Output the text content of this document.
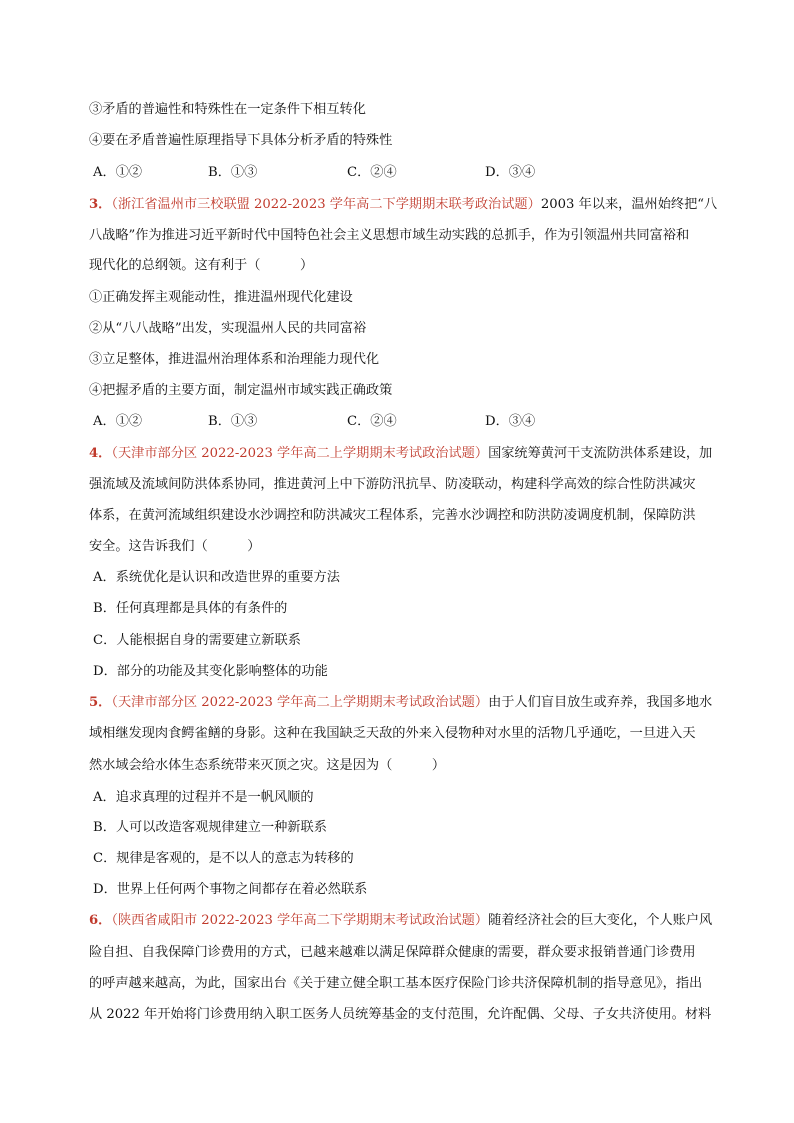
③矛盾的普遍性和特殊性在一定条件下相互转化
④要在矛盾普遍性原理指导下具体分析矛盾的特殊性
A．①②	B．①③	C．②④	D．③④
3．（浙江省温州市三校联盟 2022-2023 学年高二下学期期末联考政治试题）2003 年以来，温州始终把“八
八战略”作为推进习近平新时代中国特色社会主义思想市域生动实践的总抓手，作为引领温州共同富裕和
现代化的总纲领。这有利于（　　　）
①正确发挥主观能动性，推进温州现代化建设
②从“八八战略”出发，实现温州人民的共同富裕
③立足整体，推进温州治理体系和治理能力现代化
④把握矛盾的主要方面，制定温州市域实践正确政策
A．①②	B．①③	C．②④	D．③④
4．（天津市部分区 2022-2023 学年高二上学期期末考试政治试题）国家统筹黄河干支流防洪体系建设，加
强流域及流域间防洪体系协同，推进黄河上中下游防汛抗旱、防凌联动，构建科学高效的综合性防洪减灾
体系，在黄河流域组织建设水沙调控和防洪减灾工程体系，完善水沙调控和防洪防凌调度机制，保障防洪
安全。这告诉我们（　　　）
A．系统优化是认识和改造世界的重要方法
B．任何真理都是具体的有条件的
C．人能根据自身的需要建立新联系
D．部分的功能及其变化影响整体的功能
5．（天津市部分区 2022-2023 学年高二上学期期末考试政治试题）由于人们盲目放生或弃养，我国多地水
域相继发现肉食鳄雀鳝的身影。这种在我国缺乏天敌的外来入侵物种对水里的活物几乎通吃，一旦进入天
然水域会给水体生态系统带来灭顶之灾。这是因为（　　　）
A．追求真理的过程并不是一帆风顺的
B．人可以改造客观规律建立一种新联系
C．规律是客观的，是不以人的意志为转移的
D．世界上任何两个事物之间都存在着必然联系
6．（陕西省咸阳市 2022-2023 学年高二下学期期末考试政治试题）随着经济社会的巨大变化，个人账户风
险自担、自我保障门诊费用的方式，已越来越难以满足保障群众健康的需要，群众要求报销普通门诊费用
的呼声越来越高，为此，国家出台《关于建立健全职工基本医疗保险门诊共济保障机制的指导意见》，指出
从 2022 年开始将门诊费用纳入职工医务人员统筹基金的支付范围，允许配偶、父母、子女共济使用。材料
